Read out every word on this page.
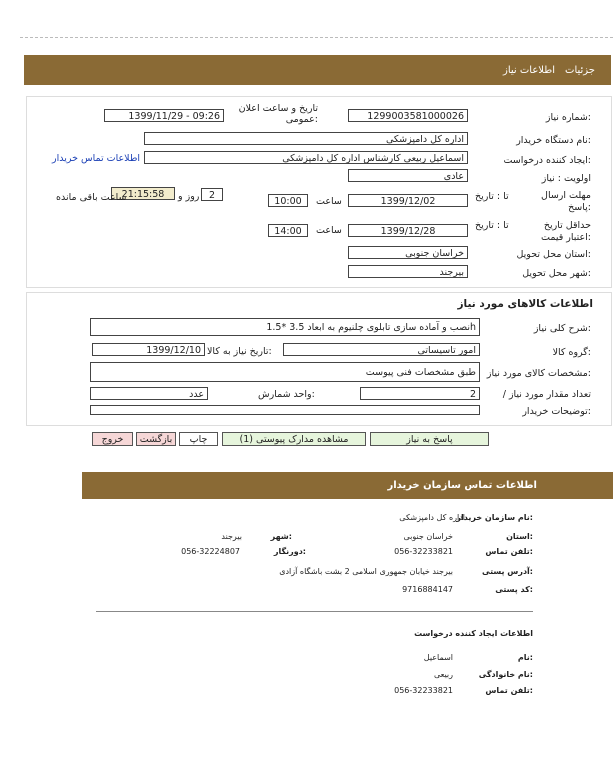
جزئیات
اطلاعات نیاز
شماره نیاز:
1299003581000026
تاریخ و ساعت اعلان عمومی:
1399/11/29 - 09:26
نام دستگاه خریدار:
اداره کل دامپزشکی
ایجاد کننده درخواست:
اسماعیل ربیعی کارشناس اداره کل دامپزشکی
اطلاعات تماس خریدار
اولویت : نیاز
عادی
مهلت ارسال پاسخ:
تا : تاریخ
1399/12/02
ساعت
10:00
2
روز و
21:15:58
ساعت باقی مانده
حداقل تاریخ اعتبار قیمت:
تا : تاریخ
1399/12/28
ساعت
14:00
استان محل تحویل:
خراسان جنوبی
شهر محل تحویل:
بیرجند
اطلاعات کالاهای مورد نیاز
شرح کلی نیاز:
نصب و آماده سازی تابلوی چلنیوم به ابعاد 3.5 *1.5h
گروه کالا:
امور تاسیساتی
تاریخ نیاز به کالا:
1399/12/10
مشخصات کالای مورد نیاز:
طبق مشخصات فنی پیوست
/ تعداد مقدار مورد نیاز
2
واحد شمارش:
عدد
توضیحات خریدار:
پاسخ به نیاز
مشاهده مدارک پیوستی (1)
چاپ
بازگشت
خروج
اطلاعات تماس سازمان خریدار
نام سازمان خریدار:
اداره کل دامپزشکی
استان:
خراسان جنوبی
شهر:
بیرجند
تلفن تماس:
056-32233821
دورنگار:
056-32224807
آدرس پستی:
بیرجند خیابان جمهوری اسلامی 2 بشت باشگاه آزادی
کد پستی:
9716884147
اطلاعات ایجاد کننده درخواست
نام:
اسماعیل
نام خانوادگی:
ربیعی
تلفن تماس:
056-32233821
